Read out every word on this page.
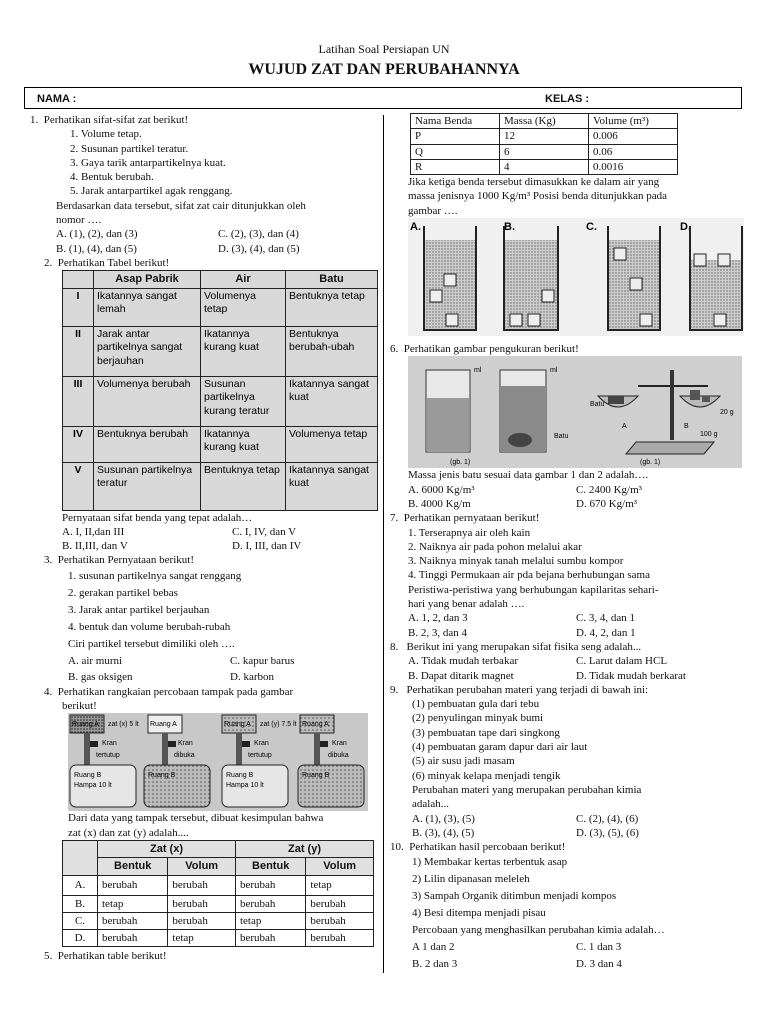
Latihan Soal Persiapan UN
WUJUD ZAT DAN PERUBAHANNYA
NAMA :	KELAS :
1. Perhatikan sifat-sifat zat berikut!
1. Volume tetap.
2. Susunan partikel teratur.
3. Gaya tarik antarpartikelnya kuat.
4. Bentuk berubah.
5. Jarak antarpartikel agak renggang.
Berdasarkan data tersebut, sifat zat cair ditunjukkan oleh
nomor ….
A. (1), (2), dan (3)	C. (2), (3), dan (4)
B. (1), (4), dan (5)	D. (3), (4), dan (5)
2. Perhatikan Tabel berikut!
	Asap Pabrik	Air	Batu
I	Ikatannya sangat lemah	Volumenya tetap	Bentuknya tetap
II	Jarak antar partikelnya sangat berjauhan	Ikatannya kurang kuat	Bentuknya berubah-ubah
III	Volumenya berubah	Susunan partikelnya kurang teratur	Ikatannya sangat kuat
IV	Bentuknya berubah	Ikatannya kurang kuat	Volumenya tetap
V	Susunan partikelnya teratur	Bentuknya tetap	Ikatannya sangat kuat
Pernyataan sifat benda yang tepat adalah…
A. I, II,dan III	C. I, IV, dan V
B. II,III, dan V	D. I, III, dan IV
3. Perhatikan Pernyataan berikut!
1. susunan partikelnya sangat renggang
2. gerakan partikel bebas
3. Jarak antar partikel berjauhan
4. bentuk dan volume berubah-rubah
Ciri partikel tersebut dimiliki oleh ….
A. air murni	C. kapur barus
B. gas oksigen	D. karbon
4. Perhatikan rangkaian percobaan tampak pada gambar
berikut!
Ruang A zat (x) 5 lt
Kran
tertutup
Ruang B
Hampa 10 lt
Ruang A
Kran
dibuka
Ruang B
Ruang A zat (y) 7.5 lt
Kran
tertutup
Ruang B
Hampa 10 lt
Ruang A
Kran
dibuka
Ruang B
Dari data yang tampak tersebut, dibuat kesimpulan bahwa
zat (x) dan zat (y) adalah....
	Zat (x)		Zat (y)	
	Bentuk	Volum	Bentuk	Volum
A.	berubah	berubah	berubah	tetap
B.	tetap	berubah	berubah	berubah
C.	berubah	berubah	tetap	berubah
D.	berubah	tetap	berubah	berubah
5. Perhatikan table berikut!
Nama Benda	Massa (Kg)	Volume (m³)
P	12	0.006
Q	6	0.06
R	4	0.0016
Jika ketiga benda tersebut dimasukkan ke dalam air yang
massa jenisnya 1000 Kg/m³ Posisi benda ditunjukkan pada
gambar ….
A.	B.	C.	D.
6. Perhatikan gambar pengukuran berikut!
ml	ml
Batu
Batu
A	B
20 g
100 g
(gb. 1)	(gb. 1)
Massa jenis batu sesuai data gambar 1 dan 2 adalah….
A. 6000 Kg/m³	C. 2400 Kg/m³
B. 4000 Kg/m	D. 670 Kg/m³
7. Perhatikan pernyataan berikut!
1. Terserapnya air oleh kain
2. Naiknya air pada pohon melalui akar
3. Naiknya minyak tanah melalui sumbu kompor
4. Tinggi Permukaan air pda bejana berhubungan sama
Peristiwa-peristiwa yang berhubungan kapilaritas sehari-
hari yang benar adalah ….
A. 1, 2, dan 3	C. 3, 4, dan 1
B. 2, 3, dan 4	D. 4, 2, dan 1
8. Berikut ini yang merupakan sifat fisika seng adalah...
A. Tidak mudah terbakar	C. Larut dalam HCL
B. Dapat ditarik magnet	D. Tidak mudah berkarat
9. Perhatikan perubahan materi yang terjadi di bawah ini:
(1) pembuatan gula dari tebu
(2) penyulingan minyak bumi
(3) pembuatan tape dari singkong
(4) pembuatan garam dapur dari air laut
(5) air susu jadi masam
(6) minyak kelapa menjadi tengik
Perubahan materi yang merupakan perubahan kimia
adalah...
A. (1), (3), (5)	C. (2), (4), (6)
B. (3), (4), (5)	D. (3), (5), (6)
10. Perhatikan hasil percobaan berikut!
1) Membakar kertas terbentuk asap
2) Lilin dipanasan meleleh
3) Sampah Organik ditimbun menjadi kompos
4) Besi ditempa menjadi pisau
Percobaan yang menghasilkan perubahan kimia adalah…
A 1 dan 2	C. 1 dan 3
B. 2 dan 3	D. 3 dan 4
